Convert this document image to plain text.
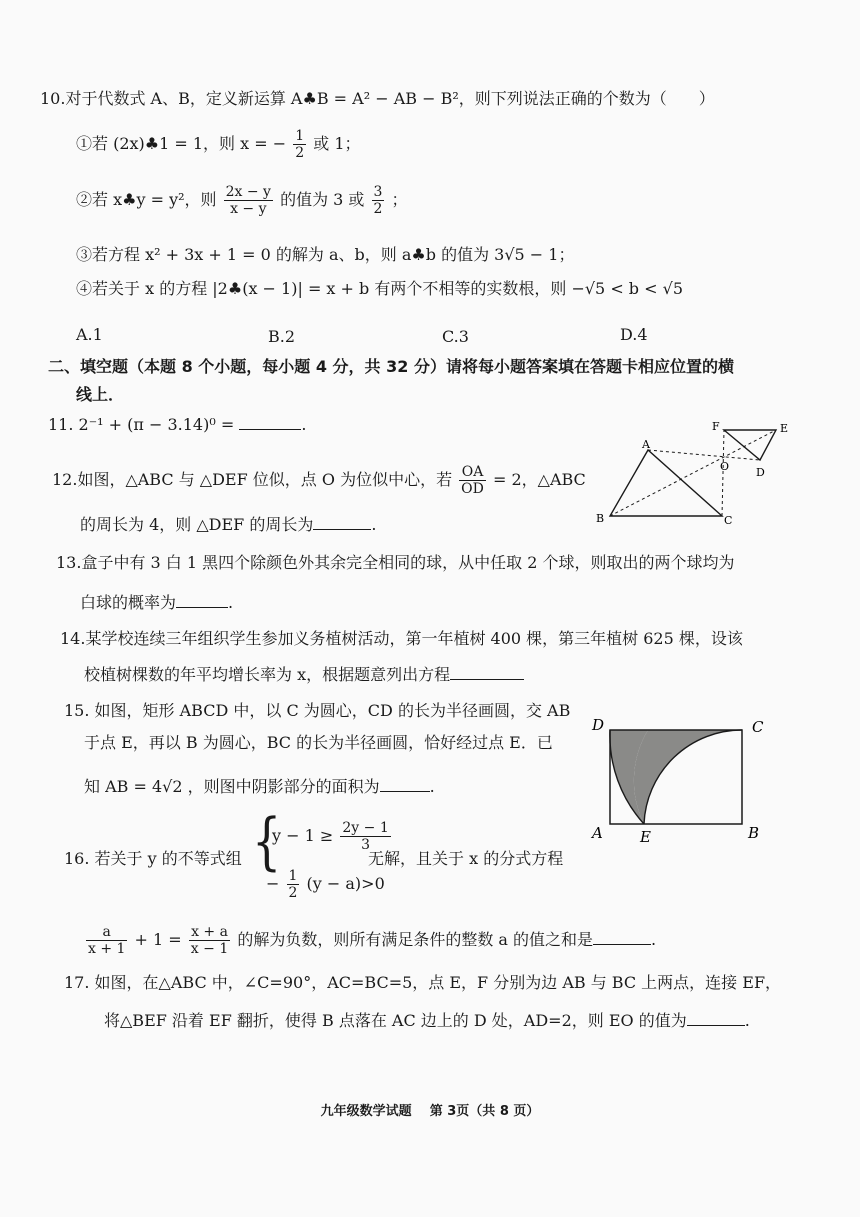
10.对于代数式 A、B，定义新运算 A♣B = A² − AB − B²，则下列说法正确的个数为（　　）
①若 (2x)♣1 = 1，则 x = − $\frac{1}{2}$ 或 1；
②若 x♣y = y²，则 $\frac{2x - y}{x - y}$ 的值为 3 或 $\frac{3}{2}$ ；
③若方程 x² + 3x + 1 = 0 的解为 a、b，则 a♣b 的值为 3√5 − 1；
④若关于 x 的方程 |2♣(x − 1)| = x + b 有两个不相等的实数根，则 −√5 < b < √5
A.1	B.2	C.3	D.4
二、填空题（本题 8 个小题，每小题 4 分，共 32 分）请将每小题答案填在答题卡相应位置的横
线上．
11. 2⁻¹ + (π − 3.14)⁰ =	.
12.如图，△ABC 与 △DEF 位似，点 O 为位似中心，若 $\frac{OA}{OD} = 2$，△ABC
的周长为 4，则 △DEF 的周长为	.
A
B	C
D
E
F
O
13.盒子中有 3 白 1 黑四个除颜色外其余完全相同的球，从中任取 2 个球，则取出的两个球均为
白球的概率为	.
14.某学校连续三年组织学生参加义务植树活动，第一年植树 400 棵，第三年植树 625 棵，设该
校植树棵数的年平均增长率为 x，根据题意列出方程
15. 如图，矩形 ABCD 中，以 C 为圆心，CD 的长为半径画圆，交 AB
于点 E，再以 B 为圆心，BC 的长为半径画圆，恰好经过点 E．已
知 AB = 4√2 ，则图中阴影部分的面积为	.
A	B
C
D
E
16. 若关于 y 的不等式组 {
$y - 1 \ge \frac{2y - 1}{3}$
− $\frac{1}{2} (y - a)>0$
无解，且关于 x 的分式方程
$\frac{a}{x + 1} + 1 = \frac{x + a}{x - 1}$ 的解为负数，则所有满足条件的整数 a 的值之和是	.
17. 如图，在△ABC 中，∠C=90°，AC=BC=5，点 E，F 分别为边 AB 与 BC 上两点，连接 EF，
将△BEF 沿着 EF 翻折，使得 B 点落在 AC 边上的 D 处，AD=2，则 EO 的值为	.
九年级数学试题 第 3页（共 8 页）
